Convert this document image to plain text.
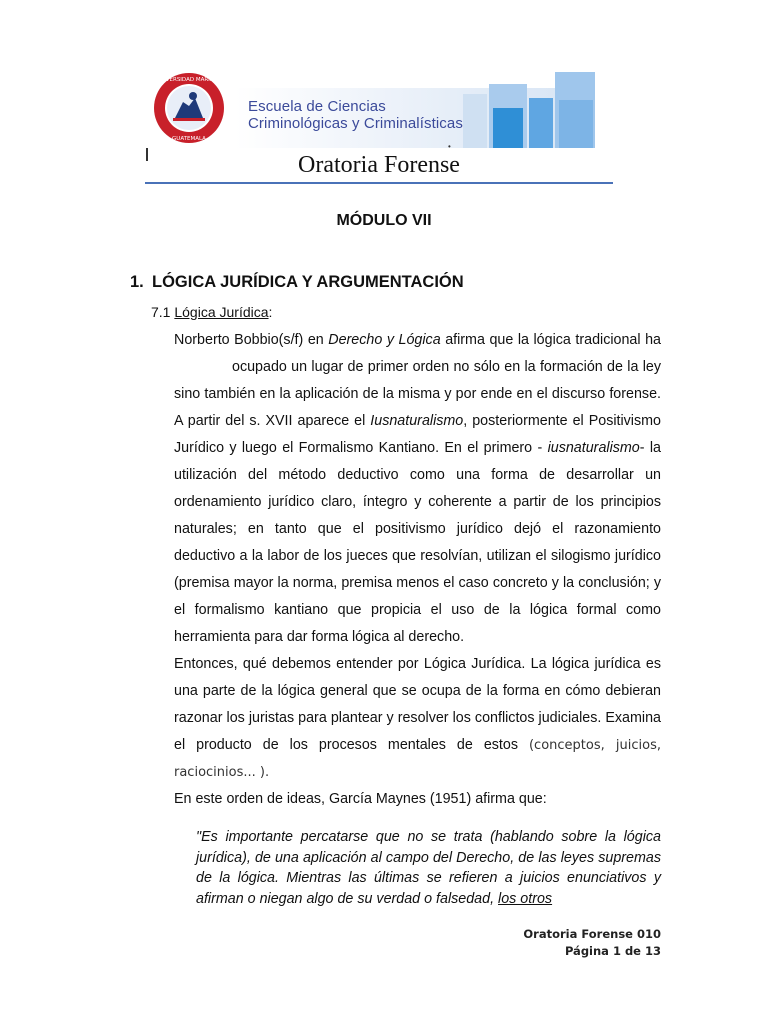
UNIVERSIDAD MARIANO
GUATEMALA
Escuela de Ciencias
Criminológicas y Criminalísticas
•
Oratoria Forense
MÓDULO VII
1. LÓGICA JURÍDICA Y ARGUMENTACIÓN
7.1 Lógica Jurídica:

Norberto Bobbio(s/f) en Derecho y Lógica afirma que la lógica tradicional haocupado un lugar de primer orden no sólo en la formación de la ley sino también en la aplicación de la misma y por ende en el discurso forense. A partir del s. XVII aparece el Iusnaturalismo, posteriormente el Positivismo Jurídico y luego el Formalismo Kantiano. En el primero - iusnaturalismo- la utilización del método deductivo como una forma de desarrollar un ordenamiento jurídico claro, íntegro y coherente a partir de los principios naturales; en tanto que el positivismo jurídico dejó el razonamiento deductivo a la labor de los jueces que resolvían, utilizan el silogismo jurídico (premisa mayor la norma, premisa menos el caso concreto y la conclusión; y el formalismo kantiano que propicia el uso de la lógica formal como herramienta para dar forma lógica al derecho.

Entonces, qué debemos entender por Lógica Jurídica. La lógica jurídica es una parte de la lógica general que se ocupa de la forma en cómo debieran razonar los juristas para plantear y resolver los conflictos judiciales. Examina el producto de los procesos mentales de estos (conceptos, juicios, raciocinios... ).

En este orden de ideas, García Maynes (1951) afirma que:

"Es importante percatarse que no se trata (hablando sobre la lógica jurídica), de una aplicación al campo del Derecho, de las leyes supremas de la lógica. Mientras las últimas se refieren a juicios enunciativos y afirman o niegan algo de su verdad o falsedad, los otros

Oratoria Forense 010
Página 1 de 13
